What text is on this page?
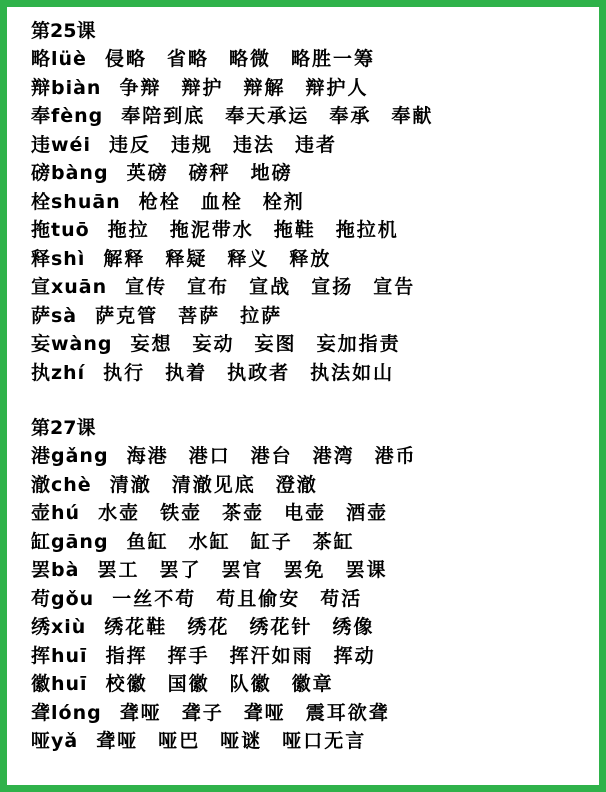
第25课
略lüè 侵略 省略 略微 略胜一筹
辩biàn 争辩 辩护 辩解 辩护人
奉fèng 奉陪到底 奉天承运 奉承 奉献
违wéi 违反 违规 违法 违者
磅bàng 英磅 磅秤 地磅
栓shuān 枪栓 血栓 栓剂
拖tuō 拖拉 拖泥带水 拖鞋 拖拉机
释shì 解释 释疑 释义 释放
宣xuān 宣传 宣布 宣战 宣扬 宣告
萨sà 萨克管 菩萨 拉萨
妄wàng 妄想 妄动 妄图 妄加指责
执zhí 执行 执着 执政者 执法如山
第27课
港gǎng 海港 港口 港台 港湾 港币
澈chè 清澈 清澈见底 澄澈
壶hú 水壶 铁壶 茶壶 电壶 酒壶
缸gāng 鱼缸 水缸 缸子 茶缸
罢bà 罢工 罢了 罢官 罢免 罢课
苟gǒu 一丝不苟 苟且偷安 苟活
绣xiù 绣花鞋 绣花 绣花针 绣像
挥huī 指挥 挥手 挥汗如雨 挥动
徽huī 校徽 国徽 队徽 徽章
聋lóng 聋哑 聋子 聋哑 震耳欲聋
哑yǎ 聋哑 哑巴 哑谜 哑口无言
